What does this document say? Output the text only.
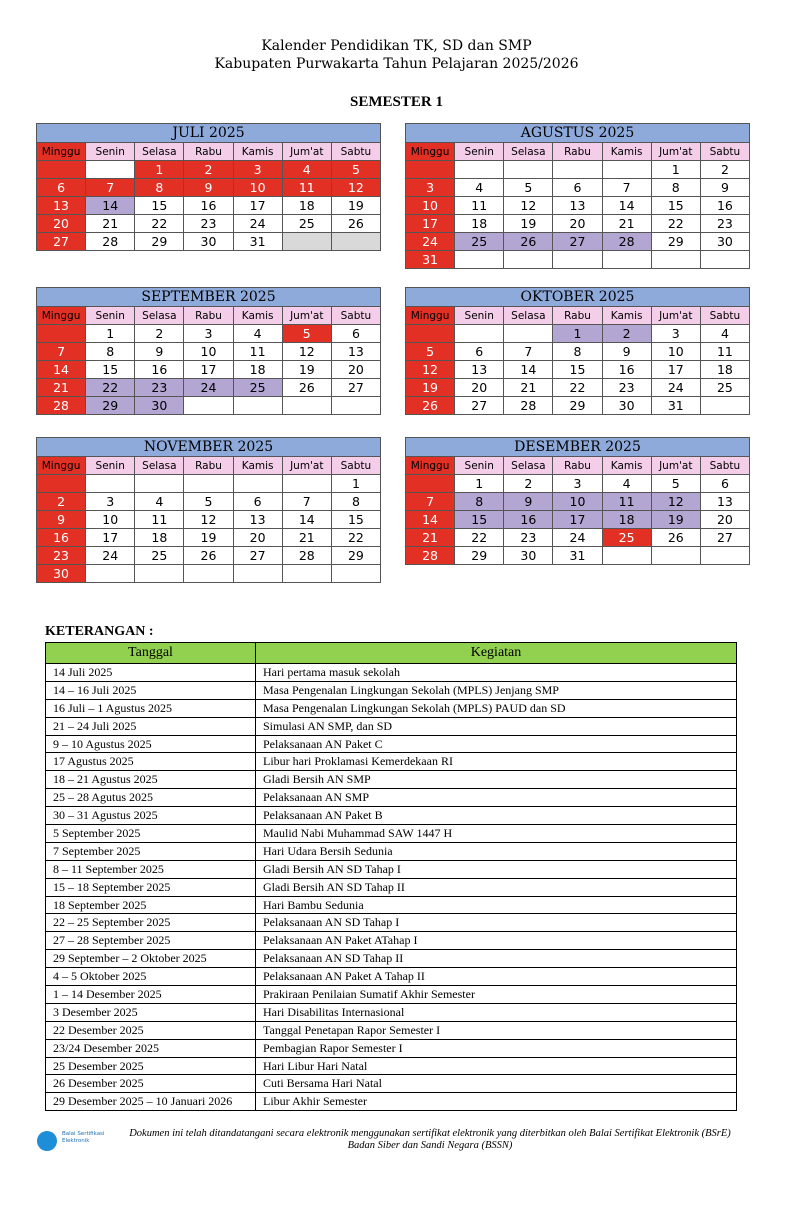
Kalender Pendidikan TK, SD dan SMP
Kabupaten Purwakarta Tahun Pelajaran 2025/2026
SEMESTER 1
JULI 2025						
Minggu	Senin	Selasa	Rabu	Kamis	Jum'at	Sabtu
		1	2	3	4	5
6	7	8	9	10	11	12
13	14	15	16	17	18	19
20	21	22	23	24	25	26
27	28	29	30	31		
AGUSTUS 2025						
Minggu	Senin	Selasa	Rabu	Kamis	Jum'at	Sabtu
					1	2
3	4	5	6	7	8	9
10	11	12	13	14	15	16
17	18	19	20	21	22	23
24	25	26	27	28	29	30
31						
SEPTEMBER 2025						
Minggu	Senin	Selasa	Rabu	Kamis	Jum'at	Sabtu
	1	2	3	4	5	6
7	8	9	10	11	12	13
14	15	16	17	18	19	20
21	22	23	24	25	26	27
28	29	30				
OKTOBER 2025						
Minggu	Senin	Selasa	Rabu	Kamis	Jum'at	Sabtu
			1	2	3	4
5	6	7	8	9	10	11
12	13	14	15	16	17	18
19	20	21	22	23	24	25
26	27	28	29	30	31	
NOVEMBER 2025						
Minggu	Senin	Selasa	Rabu	Kamis	Jum'at	Sabtu
						1
2	3	4	5	6	7	8
9	10	11	12	13	14	15
16	17	18	19	20	21	22
23	24	25	26	27	28	29
30						
DESEMBER 2025						
Minggu	Senin	Selasa	Rabu	Kamis	Jum'at	Sabtu
	1	2	3	4	5	6
7	8	9	10	11	12	13
14	15	16	17	18	19	20
21	22	23	24	25	26	27
28	29	30	31			
KETERANGAN :
Tanggal	Kegiatan
14 Juli 2025	Hari pertama masuk sekolah
14 – 16 Juli 2025	Masa Pengenalan Lingkungan Sekolah (MPLS) Jenjang SMP
16 Juli – 1 Agustus 2025	Masa Pengenalan Lingkungan Sekolah (MPLS) PAUD dan SD
21 – 24 Juli 2025	Simulasi AN SMP, dan SD
9 – 10 Agustus 2025	Pelaksanaan AN Paket C
17 Agustus 2025	Libur hari Proklamasi Kemerdekaan RI
18 – 21 Agustus 2025	Gladi Bersih AN SMP
25 – 28 Agutus 2025	Pelaksanaan AN SMP
30 – 31 Agustus 2025	Pelaksanaan AN Paket B
5 September 2025	Maulid Nabi Muhammad SAW 1447 H
7 September 2025	Hari Udara Bersih Sedunia
8 – 11 September 2025	Gladi Bersih AN SD Tahap I
15 – 18 September 2025	Gladi Bersih AN SD Tahap II
18 September 2025	Hari Bambu Sedunia
22 – 25 September 2025	Pelaksanaan AN SD Tahap I
27 – 28 September 2025	Pelaksanaan AN Paket ATahap I
29 September – 2 Oktober 2025	Pelaksanaan AN SD Tahap II
4 – 5 Oktober 2025	Pelaksanaan AN Paket A Tahap II
1 – 14 Desember 2025	Prakiraan Penilaian Sumatif Akhir Semester
3 Desember 2025	Hari Disabilitas Internasional
22 Desember 2025	Tanggal Penetapan Rapor Semester I
23/24 Desember 2025	Pembagian Rapor Semester I
25 Desember 2025	Hari Libur Hari Natal
26 Desember 2025	Cuti Bersama Hari Natal
29 Desember 2025 – 10 Januari 2026	Libur Akhir Semester
Balai Sertifikasi Elektronik
Dokumen ini telah ditandatangani secara elektronik menggunakan sertifikat elektronik yang diterbitkan oleh Balai Sertifikat Elektronik (BSrE) Badan Siber dan Sandi Negara (BSSN)
